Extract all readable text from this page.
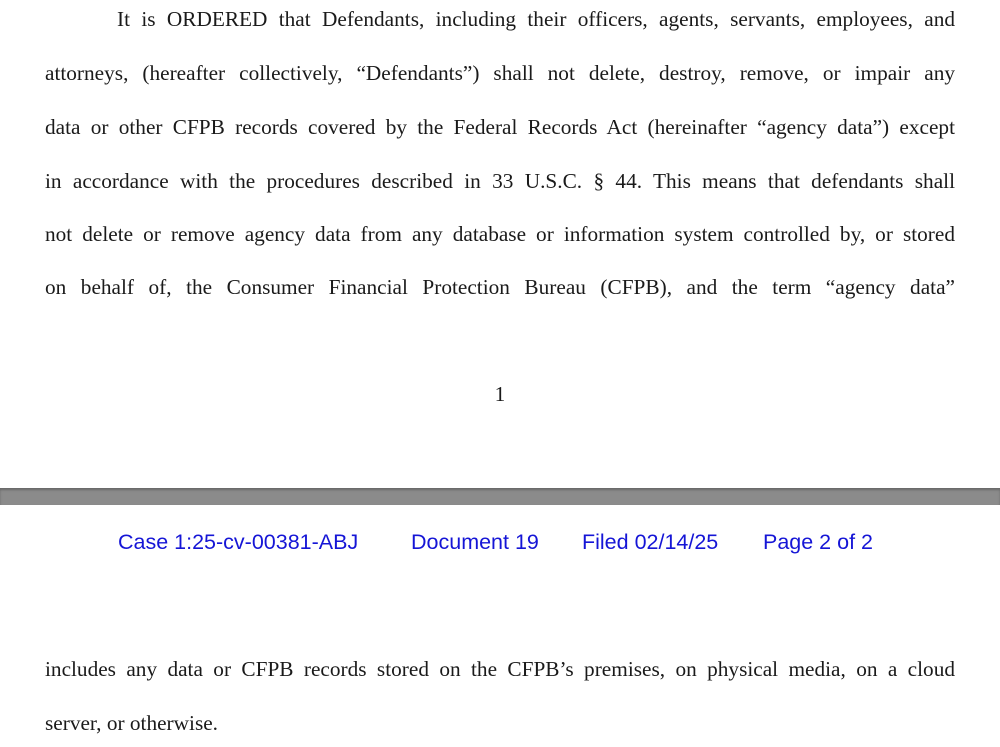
It is ORDERED that Defendants, including their officers, agents, servants, employees, and
attorneys, (hereafter collectively, “Defendants”) shall not delete, destroy, remove, or impair any
data or other CFPB records covered by the Federal Records Act (hereinafter “agency data”) except
in accordance with the procedures described in 33 U.S.C. § 44. This means that defendants shall
not delete or remove agency data from any database or information system controlled by, or stored
on behalf of, the Consumer Financial Protection Bureau (CFPB), and the term “agency data”
1
Case 1:25-cv-00381-ABJ Document 19 Filed 02/14/25 Page 2 of 2
includes any data or CFPB records stored on the CFPB’s premises, on physical media, on a cloud
server, or otherwise.
